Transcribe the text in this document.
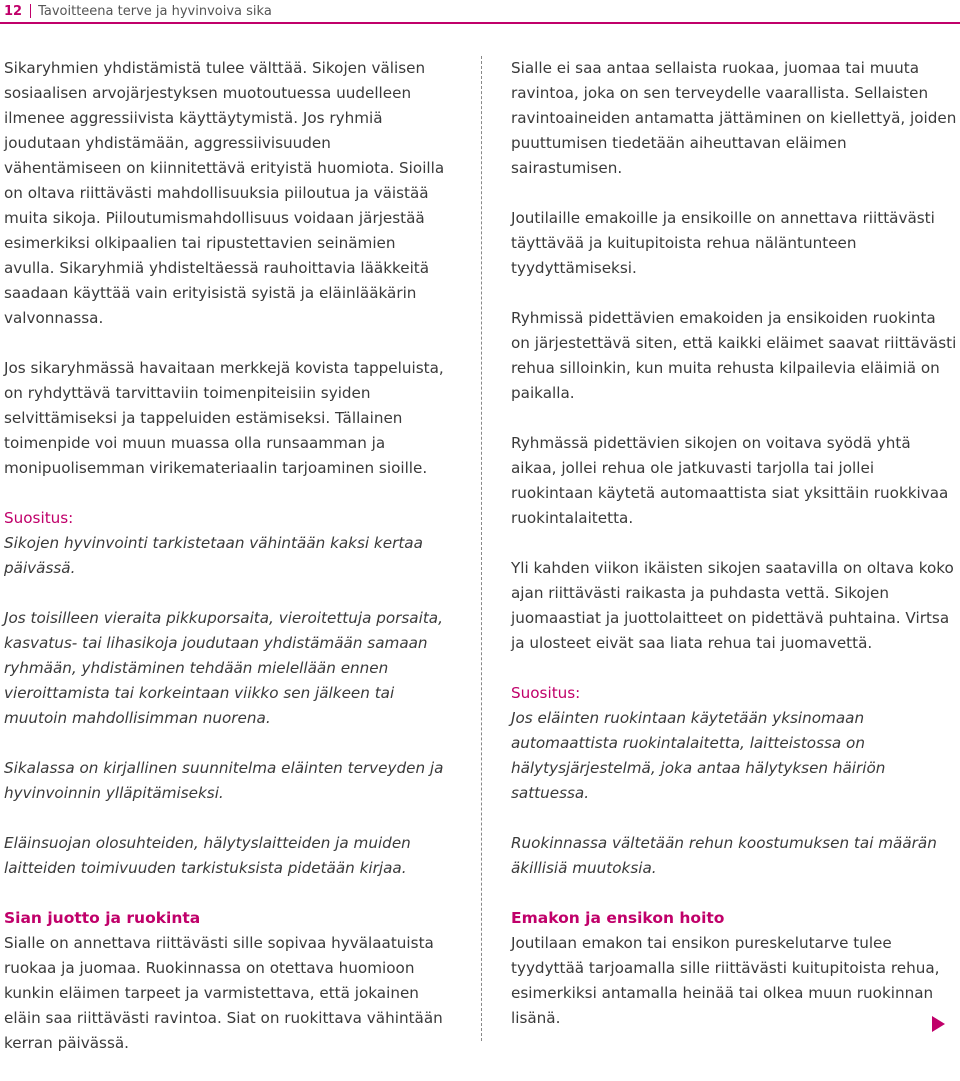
12 Tavoitteena terve ja hyvinvoiva sika

Sikaryhmien yhdistämistä tulee välttää. Sikojen välisen sosiaalisen arvojärjestyksen muotoutuessa uudelleen ilmenee aggressiivista käyttäytymistä. Jos ryhmiä joudutaan yhdistämään, aggressiivisuuden vähentämiseen on kiinnitettävä erityistä huomiota. Sioilla on oltava riittävästi mahdollisuuksia piiloutua ja väistää muita sikoja. Piiloutumismahdollisuus voidaan järjestää esimerkiksi olkipaalien tai ripustettavien seinämien avulla. Sikaryhmiä yhdisteltäessä rauhoittavia lääkkeitä saadaan käyttää vain erityisistä syistä ja eläinlääkärin valvonnassa.

Jos sikaryhmässä havaitaan merkkejä kovista tappeluista, on ryhdyttävä tarvittaviin toimenpiteisiin syiden selvittämiseksi ja tappeluiden estämiseksi. Tällainen toimenpide voi muun muassa olla runsaamman ja monipuolisemman virikemateriaalin tarjoaminen sioille.

Suositus:

Sikojen hyvinvointi tarkistetaan vähintään kaksi kertaa päivässä.

Jos toisilleen vieraita pikkuporsaita, vieroitettuja porsaita, kasvatus- tai lihasikoja joudutaan yhdistämään samaan ryhmään, yhdistäminen tehdään mielellään ennen vieroittamista tai korkeintaan viikko sen jälkeen tai muutoin mahdollisimman nuorena.

Sikalassa on kirjallinen suunnitelma eläinten terveyden ja hyvinvoinnin ylläpitämiseksi.

Eläinsuojan olosuhteiden, hälytyslaitteiden ja muiden laitteiden toimivuuden tarkistuksista pidetään kirjaa.

Sian juotto ja ruokinta

Sialle on annettava riittävästi sille sopivaa hyvälaatuista ruokaa ja juomaa. Ruokinnassa on otettava huomioon kunkin eläimen tarpeet ja varmistettava, että jokainen eläin saa riittävästi ravintoa. Siat on ruokittava vähintään kerran päivässä.

Sialle ei saa antaa sellaista ruokaa, juomaa tai muuta ravintoa, joka on sen terveydelle vaarallista. Sellaisten ravintoaineiden antamatta jättäminen on kiellettyä, joiden puuttumisen tiedetään aiheuttavan eläimen sairastumisen.

Joutilaille emakoille ja ensikoille on annettava riittävästi täyttävää ja kuitupitoista rehua näläntunteen tyydyttämiseksi.

Ryhmissä pidettävien emakoiden ja ensikoiden ruokinta on järjestettävä siten, että kaikki eläimet saavat riittävästi rehua silloinkin, kun muita rehusta kilpailevia eläimiä on paikalla.

Ryhmässä pidettävien sikojen on voitava syödä yhtä aikaa, jollei rehua ole jatkuvasti tarjolla tai jollei ruokintaan käytetä automaattista siat yksittäin ruokkivaa ruokintalaitetta.

Yli kahden viikon ikäisten sikojen saatavilla on oltava koko ajan riittävästi raikasta ja puhdasta vettä. Sikojen juomaastiat ja juottolaitteet on pidettävä puhtaina. Virtsa ja ulosteet eivät saa liata rehua tai juomavettä.

Suositus:

Jos eläinten ruokintaan käytetään yksinomaan automaattista ruokintalaitetta, laitteistossa on hälytysjärjestelmä, joka antaa hälytyksen häiriön sattuessa.

Ruokinnassa vältetään rehun koostumuksen tai määrän äkillisiä muutoksia.

Emakon ja ensikon hoito

Joutilaan emakon tai ensikon pureskelutarve tulee tyydyttää tarjoamalla sille riittävästi kuitupitoista rehua, esimerkiksi antamalla heinää tai olkea muun ruokinnan lisänä.
